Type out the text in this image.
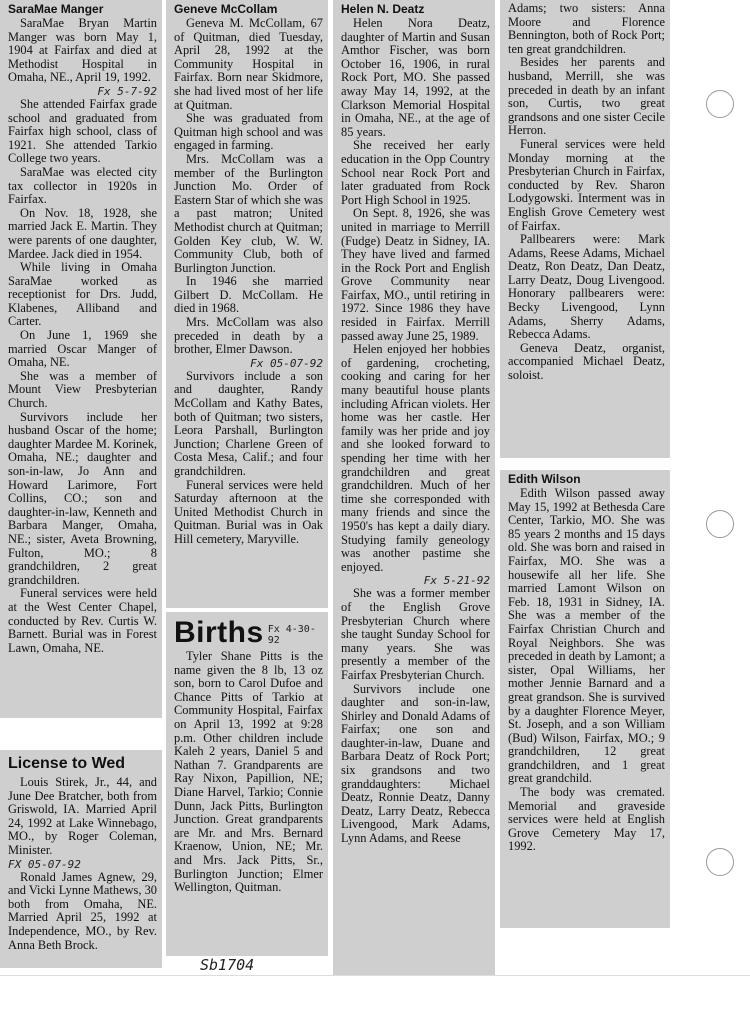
SaraMae Manger

SaraMae Bryan Martin Manger was born May 1, 1904 at Fairfax and died at Methodist Hospital in Omaha, NE., April 19, 1992.

Fx 5-7-92

She attended Fairfax grade school and graduated from Fairfax high school, class of 1921. She attended Tarkio College two years.

SaraMae was elected city tax collector in 1920s in Fairfax.

On Nov. 18, 1928, she married Jack E. Martin. They were parents of one daughter, Mardee. Jack died in 1954.

While living in Omaha SaraMae worked as receptionist for Drs. Judd, Klabenes, Alliband and Carter.

On June 1, 1969 she married Oscar Manger of Omaha, NE.

She was a member of Mount View Presbyterian Church.

Survivors include her husband Oscar of the home; daughter Mardee M. Korinek, Omaha, NE.; daughter and son-in-law, Jo Ann and Howard Larimore, Fort Collins, CO.; son and daughter-in-law, Kenneth and Barbara Manger, Omaha, NE.; sister, Aveta Browning, Fulton, MO.; 8 grandchildren, 2 great grandchildren.

Funeral services were held at the West Center Chapel, conducted by Rev. Curtis W. Barnett. Burial was in Forest Lawn, Omaha, NE.

License to Wed

Louis Stirek, Jr., 44, and June Dee Bratcher, both from Griswold, IA. Married April 24, 1992 at Lake Winnebago, MO., by Roger Coleman, Minister.

FX 05-07-92

Ronald James Agnew, 29, and Vicki Lynne Mathews, 30 both from Omaha, NE. Married April 25, 1992 at Independence, MO., by Rev. Anna Beth Brock.

Geneve McCollam

Geneva M. McCollam, 67 of Quitman, died Tuesday, April 28, 1992 at the Community Hospital in Fairfax. Born near Skidmore, she had lived most of her life at Quitman.

She was graduated from Quitman high school and was engaged in farming.

Mrs. McCollam was a member of the Burlington Junction Mo. Order of Eastern Star of which she was a past matron; United Methodist church at Quitman; Golden Key club, W. W. Community Club, both of Burlington Junction.

In 1946 she married Gilbert D. McCollam. He died in 1968.

Mrs. McCollam was also preceded in death by a brother, Elmer Dawson.

Fx 05-07-92

Survivors include a son and daughter, Randy McCollam and Kathy Bates, both of Quitman; two sisters, Leora Parshall, Burlington Junction; Charlene Green of Costa Mesa, Calif.; and four grandchildren.

Funeral services were held Saturday afternoon at the United Methodist Church in Quitman. Burial was in Oak Hill cemetery, Maryville.

Births Fx 4-30-92

Tyler Shane Pitts is the name given the 8 lb, 13 oz son, born to Carol Dufoe and Chance Pitts of Tarkio at Community Hospital, Fairfax on April 13, 1992 at 9:28 p.m. Other children include Kaleh 2 years, Daniel 5 and Nathan 7. Grandparents are Ray Nixon, Papillion, NE; Diane Harvel, Tarkio; Connie Dunn, Jack Pitts, Burlington Junction. Great grandparents are Mr. and Mrs. Bernard Kraenow, Union, NE; Mr. and Mrs. Jack Pitts, Sr., Burlington Junction; Elmer Wellington, Quitman.

Helen N. Deatz

Helen Nora Deatz, daughter of Martin and Susan Amthor Fischer, was born October 16, 1906, in rural Rock Port, MO. She passed away May 14, 1992, at the Clarkson Memorial Hospital in Omaha, NE., at the age of 85 years.

She received her early education in the Opp Country School near Rock Port and later graduated from Rock Port High School in 1925.

On Sept. 8, 1926, she was united in marriage to Merrill (Fudge) Deatz in Sidney, IA. They have lived and farmed in the Rock Port and English Grove Community near Fairfax, MO., until retiring in 1972. Since 1986 they have resided in Fairfax. Merrill passed away June 25, 1989.

Helen enjoyed her hobbies of gardening, crocheting, cooking and caring for her many beautiful house plants including African violets. Her home was her castle. Her family was her pride and joy and she looked forward to spending her time with her grandchildren and great grandchildren. Much of her time she corresponded with many friends and since the 1950's has kept a daily diary. Studying family geneology was another pastime she enjoyed.

Fx 5-21-92

She was a former member of the English Grove Presbyterian Church where she taught Sunday School for many years. She was presently a member of the Fairfax Presbyterian Church.

Survivors include one daughter and son-in-law, Shirley and Donald Adams of Fairfax; one son and daughter-in-law, Duane and Barbara Deatz of Rock Port; six grandsons and two granddaughters: Michael Deatz, Ronnie Deatz, Danny Deatz, Larry Deatz, Rebecca Livengood, Mark Adams, Lynn Adams, and Reese

Adams; two sisters: Anna Moore and Florence Bennington, both of Rock Port; ten great grandchildren.

Besides her parents and husband, Merrill, she was preceded in death by an infant son, Curtis, two great grandsons and one sister Cecile Herron.

Funeral services were held Monday morning at the Presbyterian Church in Fairfax, conducted by Rev. Sharon Lodygowski. Interment was in English Grove Cemetery west of Fairfax.

Pallbearers were: Mark Adams, Reese Adams, Michael Deatz, Ron Deatz, Dan Deatz, Larry Deatz, Doug Livengood. Honorary pallbearers were: Becky Livengood, Lynn Adams, Sherry Adams, Rebecca Adams.

Geneva Deatz, organist, accompanied Michael Deatz, soloist.

Edith Wilson

Edith Wilson passed away May 15, 1992 at Bethesda Care Center, Tarkio, MO. She was 85 years 2 months and 15 days old. She was born and raised in Fairfax, MO. She was a housewife all her life. She married Lamont Wilson on Feb. 18, 1931 in Sidney, IA. She was a member of the Fairfax Christian Church and Royal Neighbors. She was preceded in death by Lamont; a sister, Opal Williams, her mother Jennie Barnard and a great grandson. She is survived by a daughter Florence Meyer, St. Joseph, and a son William (Bud) Wilson, Fairfax, MO.; 9 grandchildren, 12 great grandchildren, and 1 great great grandchild.

The body was cremated. Memorial and graveside services were held at English Grove Cemetery May 17, 1992.

Sb1704
